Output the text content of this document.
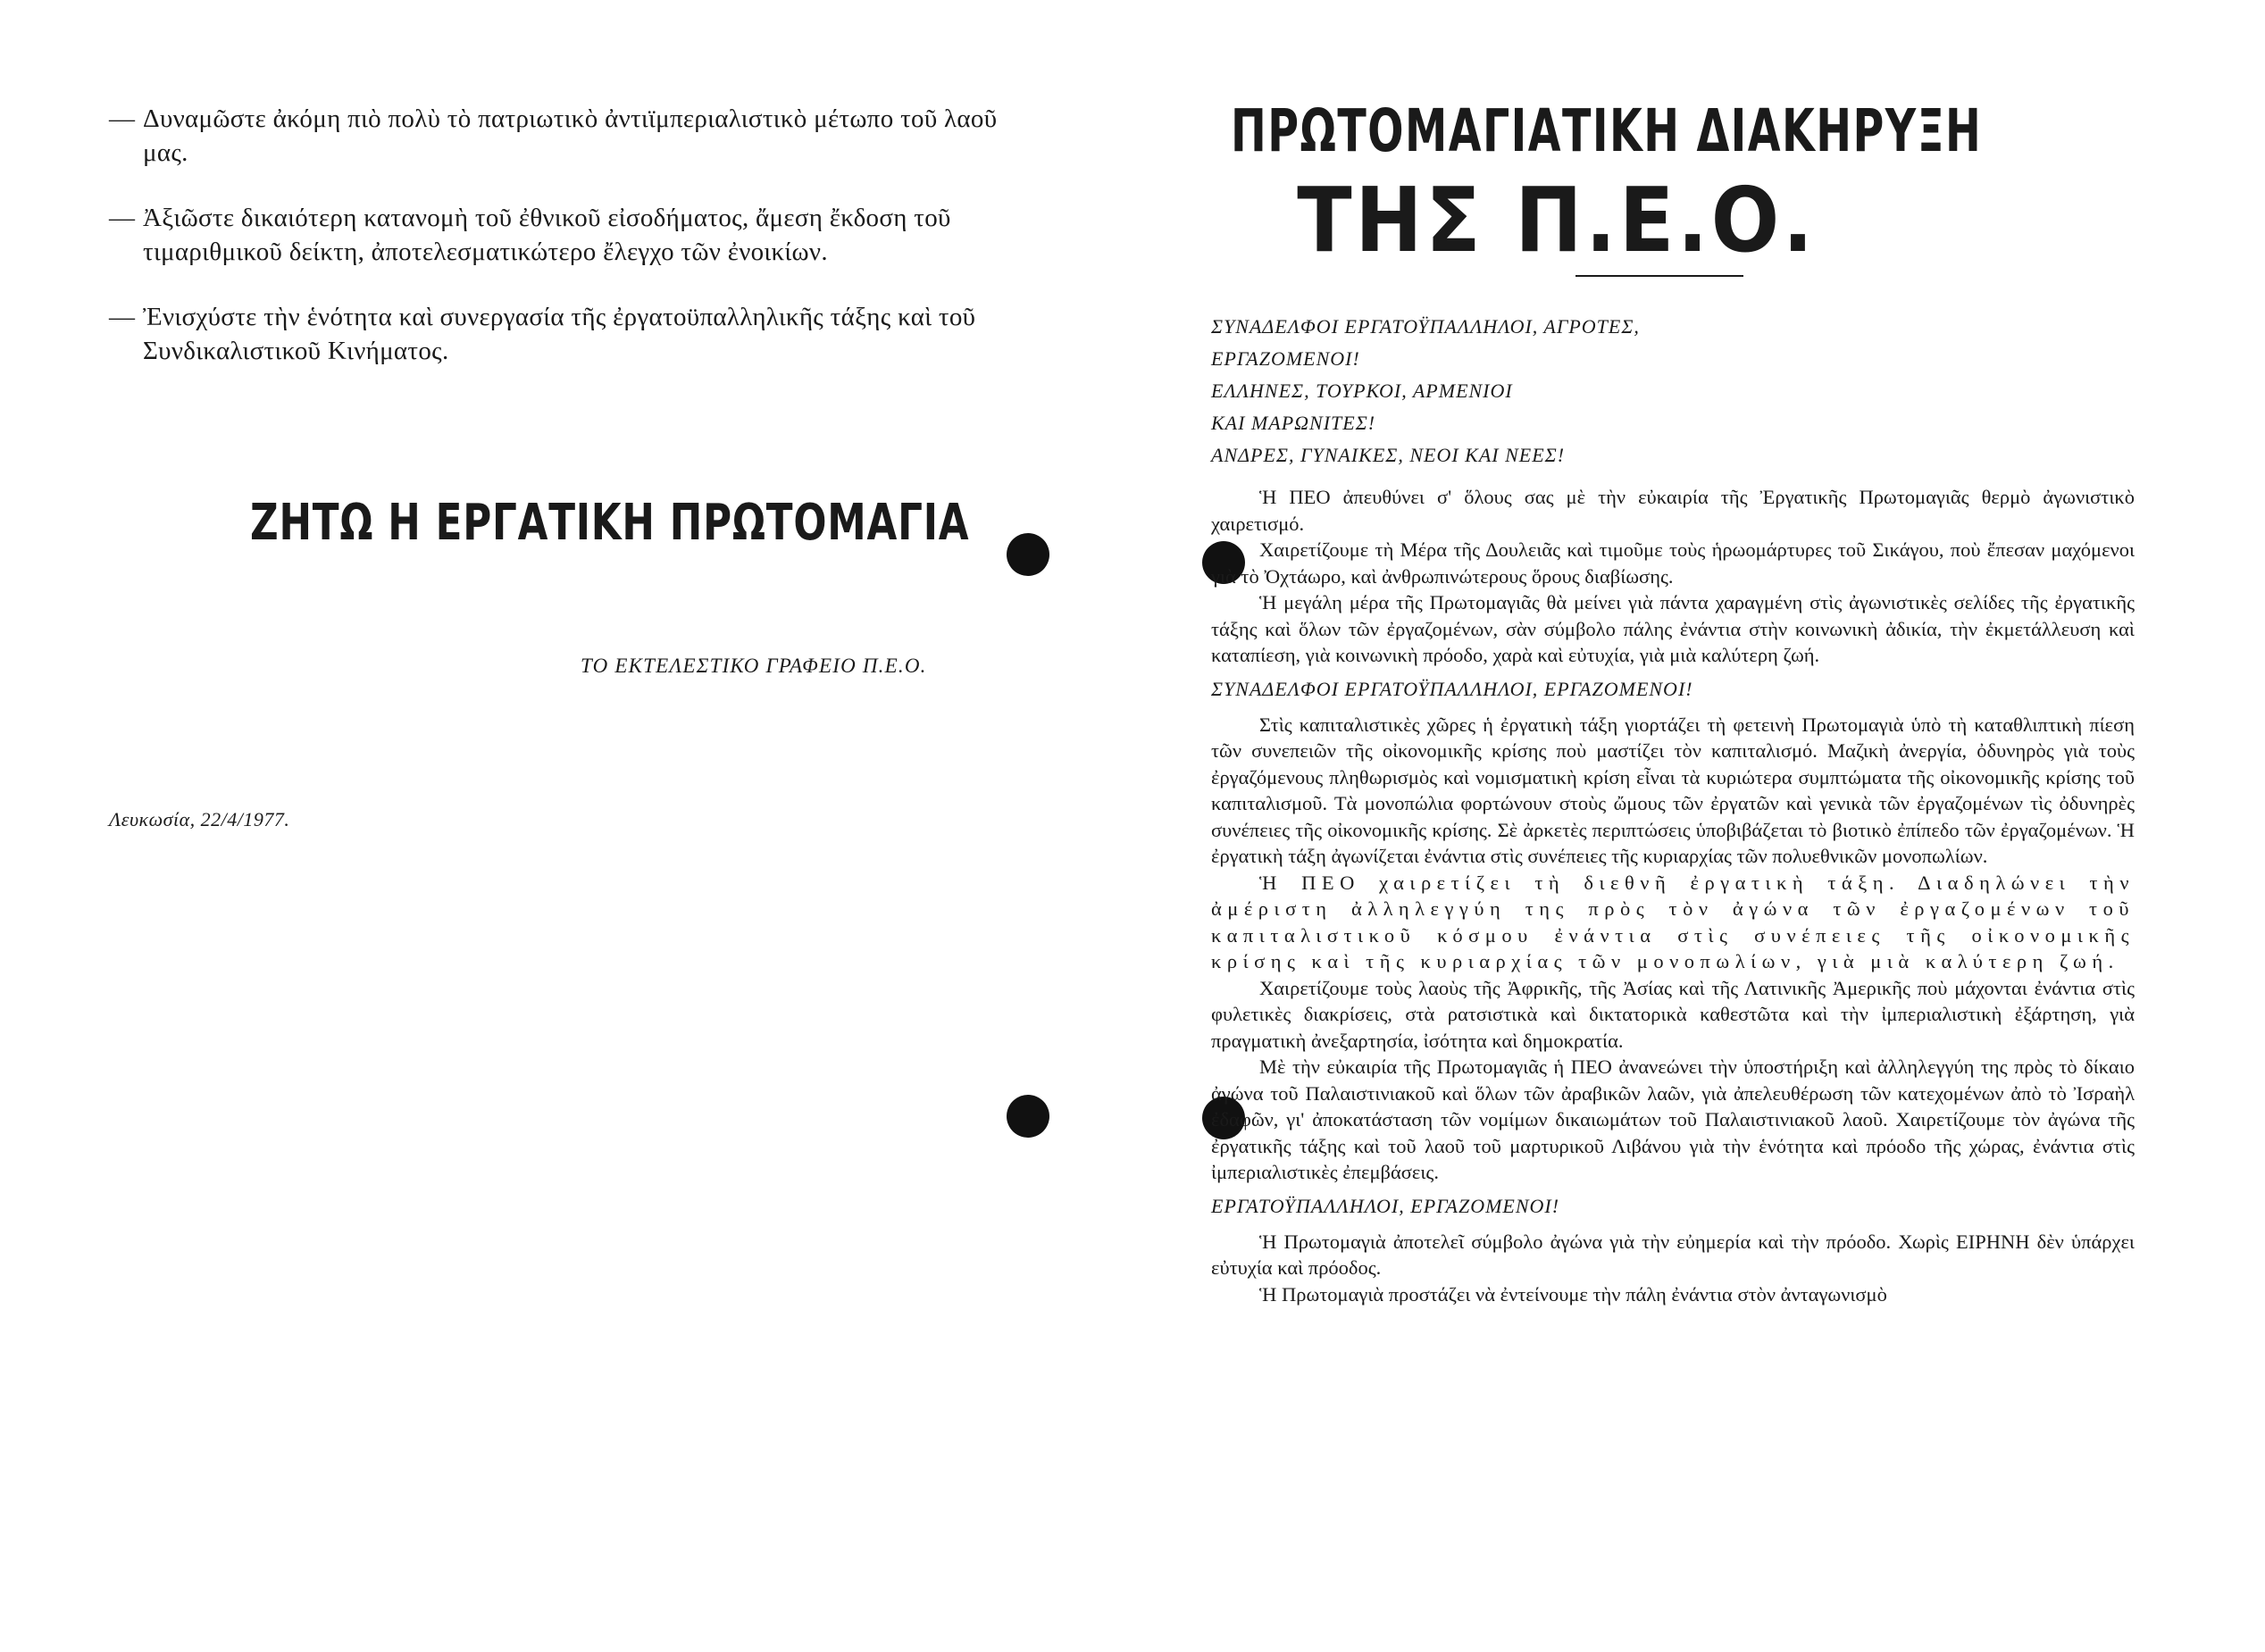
— Δυναμῶστε ἀκόμη πιὸ πολὺ τὸ πατριωτικὸ ἀντιϊμπεριαλιστικὸ μέτωπο τοῦ λαοῦ μας.
— Ἀξιῶστε δικαιότερη κατανομὴ τοῦ ἐθνικοῦ εἰσοδήματος, ἄμεση ἔκδοση τοῦ τιμαριθμικοῦ δείκτη, ἀποτελεσματικώτερο ἔλεγχο τῶν ἐνοικίων.
— Ἐνισχύστε τὴν ἑνότητα καὶ συνεργασία τῆς ἐργατοϋπαλληλικῆς τάξης καὶ τοῦ Συνδικαλιστικοῦ Κινήματος.
ΖΗΤΩ Η ΕΡΓΑΤΙΚΗ ΠΡΩΤΟΜΑΓΙΑ
ΤΟ ΕΚΤΕΛΕΣΤΙΚΟ ΓΡΑΦΕΙΟ Π.Ε.Ο.
Λευκωσία, 22/4/1977.
ΠΡΩΤΟΜΑΓΙΑΤΙΚΗ ΔΙΑΚΗΡΥΞΗ
ΤΗΣ Π.Ε.Ο.
ΣΥΝΑΔΕΛΦΟΙ ΕΡΓΑΤΟΫΠΑΛΛΗΛΟΙ, ΑΓΡΟΤΕΣ,
ΕΡΓΑΖΟΜΕΝΟΙ!
ΕΛΛΗΝΕΣ, ΤΟΥΡΚΟΙ, ΑΡΜΕΝΙΟΙ
ΚΑΙ ΜΑΡΩΝΙΤΕΣ!
ΑΝΔΡΕΣ, ΓΥΝΑΙΚΕΣ, ΝΕΟΙ ΚΑΙ ΝΕΕΣ!

Ἡ ΠΕΟ ἀπευθύνει σ' ὅλους σας μὲ τὴν εὐκαιρία τῆς Ἐργατικῆς Πρωτομαγιᾶς θερμὸ ἀγωνιστικὸ χαιρετισμό.

Χαιρετίζουμε τὴ Μέρα τῆς Δουλειᾶς καὶ τιμοῦμε τοὺς ἡρωομάρτυρες τοῦ Σικάγου, ποὺ ἔπεσαν μαχόμενοι γιὰ τὸ Ὀχτάωρο, καὶ ἀνθρωπινώτερους ὅρους διαβίωσης.

Ἡ μεγάλη μέρα τῆς Πρωτομαγιᾶς θὰ μείνει γιὰ πάντα χαραγμένη στὶς ἀγωνιστικὲς σελίδες τῆς ἐργατικῆς τάξης καὶ ὅλων τῶν ἐργαζομένων, σὰν σύμβολο πάλης ἐνάντια στὴν κοινωνικὴ ἀδικία, τὴν ἐκμετάλλευση καὶ καταπίεση, γιὰ κοινωνικὴ πρόοδο, χαρὰ καὶ εὐτυχία, γιὰ μιὰ καλύτερη ζωή.

ΣΥΝΑΔΕΛΦΟΙ ΕΡΓΑΤΟΫΠΑΛΛΗΛΟΙ, ΕΡΓΑΖΟΜΕΝΟΙ!

Στὶς καπιταλιστικὲς χῶρες ἡ ἐργατικὴ τάξη γιορτάζει τὴ φετεινὴ Πρωτομαγιὰ ὑπὸ τὴ καταθλιπτικὴ πίεση τῶν συνεπειῶν τῆς οἰκονομικῆς κρίσης ποὺ μαστίζει τὸν καπιταλισμό. Μαζικὴ ἀνεργία, ὀδυνηρὸς γιὰ τοὺς ἐργαζόμενους πληθωρισμὸς καὶ νομισματικὴ κρίση εἶναι τὰ κυριώτερα συμπτώματα τῆς οἰκονομικῆς κρίσης τοῦ καπιταλισμοῦ. Τὰ μονοπώλια φορτώνουν στοὺς ὤμους τῶν ἐργατῶν καὶ γενικὰ τῶν ἐργαζομένων τὶς ὀδυνηρὲς συνέπειες τῆς οἰκονομικῆς κρίσης. Σὲ ἀρκετὲς περιπτώσεις ὑποβιβάζεται τὸ βιοτικὸ ἐπίπεδο τῶν ἐργαζομένων. Ἡ ἐργατικὴ τάξη ἀγωνίζεται ἐνάντια στὶς συνέπειες τῆς κυριαρχίας τῶν πολυεθνικῶν μονοπωλίων.

Ἡ ΠΕΟ χαιρετίζει τὴ διεθνῆ ἐργατικὴ τάξη. Διαδηλώνει τὴν ἀμέριστη ἀλληλεγγύη της πρὸς τὸν ἀγώνα τῶν ἐργαζομένων τοῦ καπιταλιστικοῦ κόσμου ἐνάντια στὶς συνέπειες τῆς οἰκονομικῆς κρίσης καὶ τῆς κυριαρχίας τῶν μονοπωλίων, γιὰ μιὰ καλύτερη ζωή.

Χαιρετίζουμε τοὺς λαοὺς τῆς Ἀφρικῆς, τῆς Ἀσίας καὶ τῆς Λατινικῆς Ἀμερικῆς ποὺ μάχονται ἐνάντια στὶς φυλετικὲς διακρίσεις, στὰ ρατσιστικὰ καὶ δικτατορικὰ καθεστῶτα καὶ τὴν ἰμπεριαλιστικὴ ἐξάρτηση, γιὰ πραγματικὴ ἀνεξαρτησία, ἰσότητα καὶ δημοκρατία.

Μὲ τὴν εὐκαιρία τῆς Πρωτομαγιᾶς ἡ ΠΕΟ ἀνανεώνει τὴν ὑποστήριξη καὶ ἀλληλεγγύη της πρὸς τὸ δίκαιο ἀγώνα τοῦ Παλαιστινιακοῦ καὶ ὅλων τῶν ἀραβικῶν λαῶν, γιὰ ἀπελευθέρωση τῶν κατεχομένων ἀπὸ τὸ Ἰσραὴλ ἐδαφῶν, γι' ἀποκατάσταση τῶν νομίμων δικαιωμάτων τοῦ Παλαιστινιακοῦ λαοῦ. Χαιρετίζουμε τὸν ἀγώνα τῆς ἐργατικῆς τάξης καὶ τοῦ λαοῦ τοῦ μαρτυρικοῦ Λιβάνου γιὰ τὴν ἑνότητα καὶ πρόοδο τῆς χώρας, ἐνάντια στὶς ἰμπεριαλιστικὲς ἐπεμβάσεις.

ΕΡΓΑΤΟΫΠΑΛΛΗΛΟΙ, ΕΡΓΑΖΟΜΕΝΟΙ!

Ἡ Πρωτομαγιὰ ἀποτελεῖ σύμβολο ἀγώνα γιὰ τὴν εὐημερία καὶ τὴν πρόοδο. Χωρὶς ΕΙΡΗΝΗ δὲν ὑπάρχει εὐτυχία καὶ πρόοδος.

Ἡ Πρωτομαγιὰ προστάζει νὰ ἐντείνουμε τὴν πάλη ἐνάντια στὸν ἀνταγωνισμὸ
